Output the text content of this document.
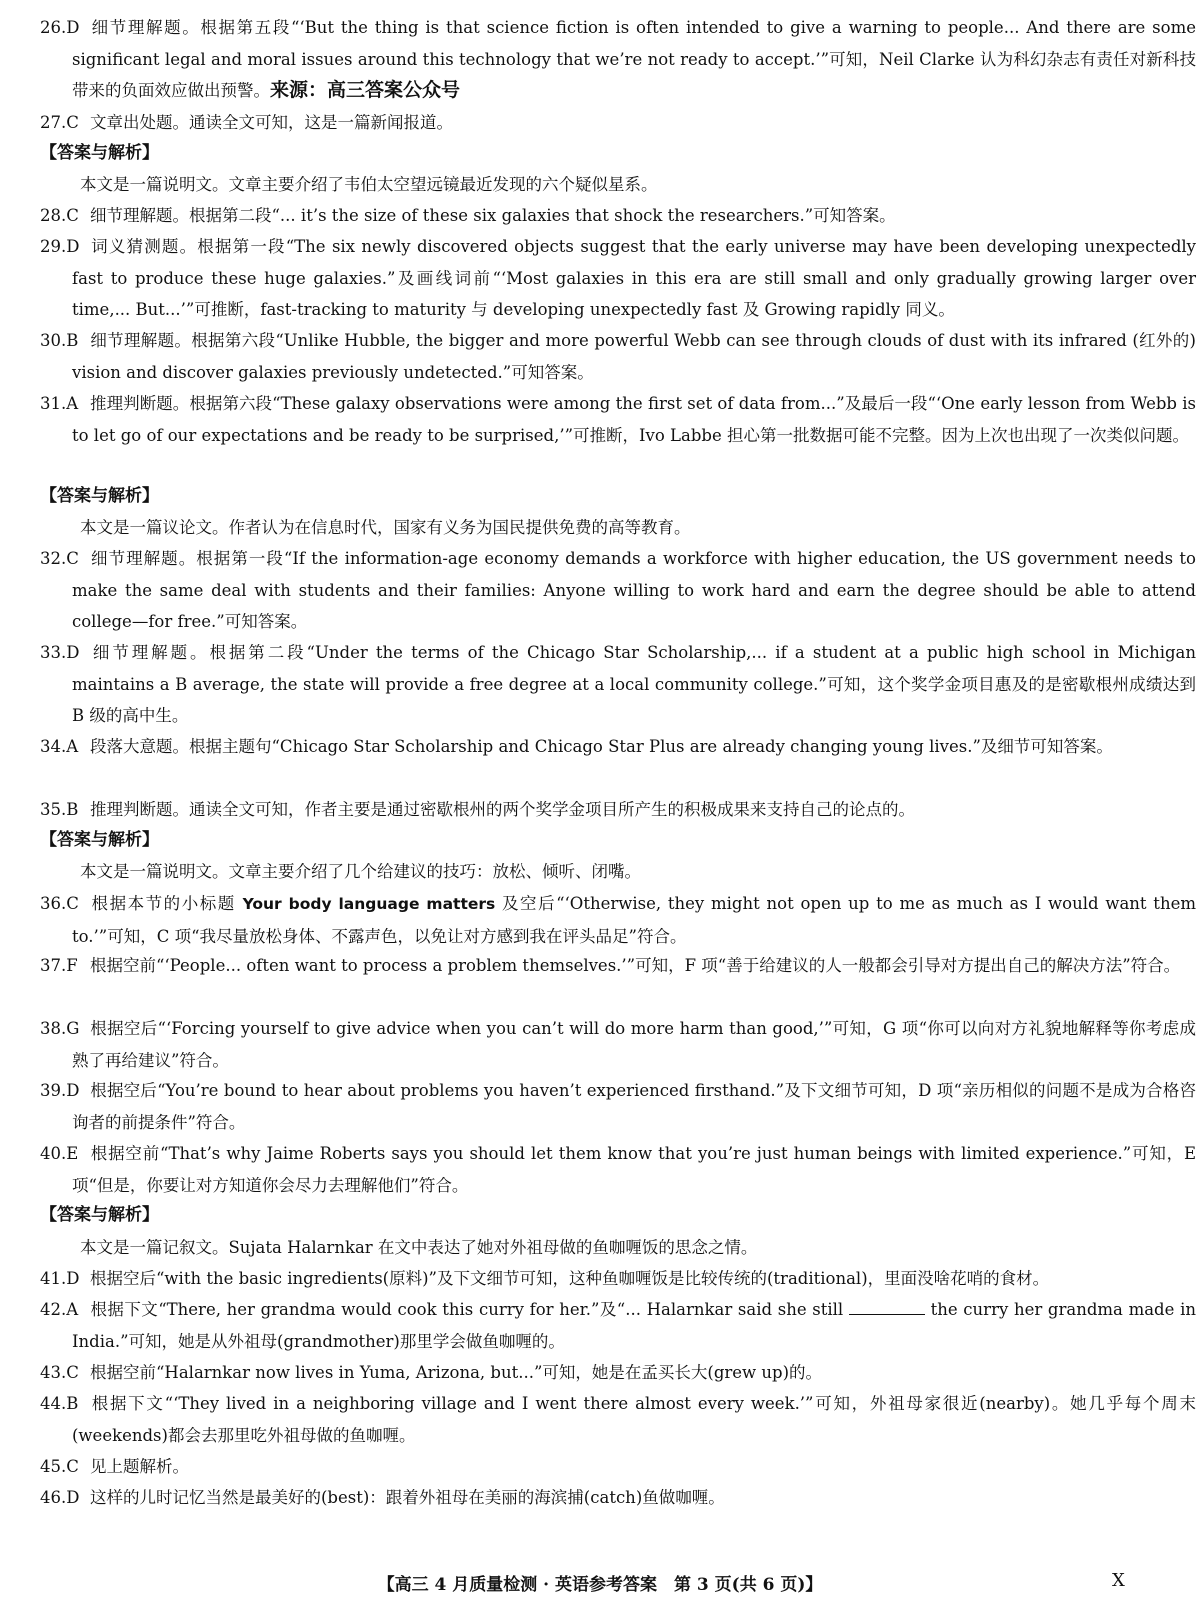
26.D 细节理解题。根据第五段“‘But the thing is that science fiction is often intended to give a warning to people... And there are some significant legal and moral issues around this technology that we’re not ready to accept.’”可知，Neil Clarke 认为科幻杂志有责任对新科技带来的负面效应做出预警。来源：高三答案公众号
27.C 文章出处题。通读全文可知，这是一篇新闻报道。
【答案与解析】
本文是一篇说明文。文章主要介绍了韦伯太空望远镜最近发现的六个疑似星系。
28.C 细节理解题。根据第二段“... it’s the size of these six galaxies that shock the researchers.”可知答案。
29.D 词义猜测题。根据第一段“The six newly discovered objects suggest that the early universe may have been developing unexpectedly fast to produce these huge galaxies.”及画线词前“‘Most galaxies in this era are still small and only gradually growing larger over time,... But...’”可推断，fast-tracking to maturity 与 developing unexpectedly fast 及 Growing rapidly 同义。
30.B 细节理解题。根据第六段“Unlike Hubble, the bigger and more powerful Webb can see through clouds of dust with its infrared (红外的) vision and discover galaxies previously undetected.”可知答案。
31.A 推理判断题。根据第六段“These galaxy observations were among the first set of data from...”及最后一段“‘One early lesson from Webb is to let go of our expectations and be ready to be surprised,’”可推断，Ivo Labbe 担心第一批数据可能不完整。因为上次也出现了一次类似问题。
【答案与解析】
本文是一篇议论文。作者认为在信息时代，国家有义务为国民提供免费的高等教育。
32.C 细节理解题。根据第一段“If the information-age economy demands a workforce with higher education, the US government needs to make the same deal with students and their families: Anyone willing to work hard and earn the degree should be able to attend college—for free.”可知答案。
33.D 细节理解题。根据第二段“Under the terms of the Chicago Star Scholarship,... if a student at a public high school in Michigan maintains a B average, the state will provide a free degree at a local community college.”可知，这个奖学金项目惠及的是密歇根州成绩达到 B 级的高中生。
34.A 段落大意题。根据主题句“Chicago Star Scholarship and Chicago Star Plus are already changing young lives.”及细节可知答案。
35.B 推理判断题。通读全文可知，作者主要是通过密歇根州的两个奖学金项目所产生的积极成果来支持自己的论点的。
【答案与解析】
本文是一篇说明文。文章主要介绍了几个给建议的技巧：放松、倾听、闭嘴。
36.C 根据本节的小标题 Your body language matters 及空后“‘Otherwise, they might not open up to me as much as I would want them to.’”可知，C 项“我尽量放松身体、不露声色，以免让对方感到我在评头品足”符合。
37.F 根据空前“‘People... often want to process a problem themselves.’”可知，F 项“善于给建议的人一般都会引导对方提出自己的解决方法”符合。
38.G 根据空后“‘Forcing yourself to give advice when you can’t will do more harm than good,’”可知，G 项“你可以向对方礼貌地解释等你考虑成熟了再给建议”符合。
39.D 根据空后“You’re bound to hear about problems you haven’t experienced firsthand.”及下文细节可知，D 项“亲历相似的问题不是成为合格咨询者的前提条件”符合。
40.E 根据空前“That’s why Jaime Roberts says you should let them know that you’re just human beings with limited experience.”可知，E 项“但是，你要让对方知道你会尽力去理解他们”符合。
【答案与解析】
本文是一篇记叙文。Sujata Halarnkar 在文中表达了她对外祖母做的鱼咖喱饭的思念之情。
41.D 根据空后“with the basic ingredients(原料)”及下文细节可知，这种鱼咖喱饭是比较传统的(traditional)，里面没啥花哨的食材。
42.A 根据下文“There, her grandma would cook this curry for her.”及“... Halarnkar said she still	the curry her grandma made in India.”可知，她是从外祖母(grandmother)那里学会做鱼咖喱的。
43.C 根据空前“Halarnkar now lives in Yuma, Arizona, but...”可知，她是在孟买长大(grew up)的。
44.B 根据下文“‘They lived in a neighboring village and I went there almost every week.’”可知，外祖母家很近(nearby)。她几乎每个周末(weekends)都会去那里吃外祖母做的鱼咖喱。
45.C 见上题解析。
46.D 这样的儿时记忆当然是最美好的(best)：跟着外祖母在美丽的海滨捕(catch)鱼做咖喱。
【高三 4 月质量检测 · 英语参考答案　第 3 页(共 6 页)】	X
